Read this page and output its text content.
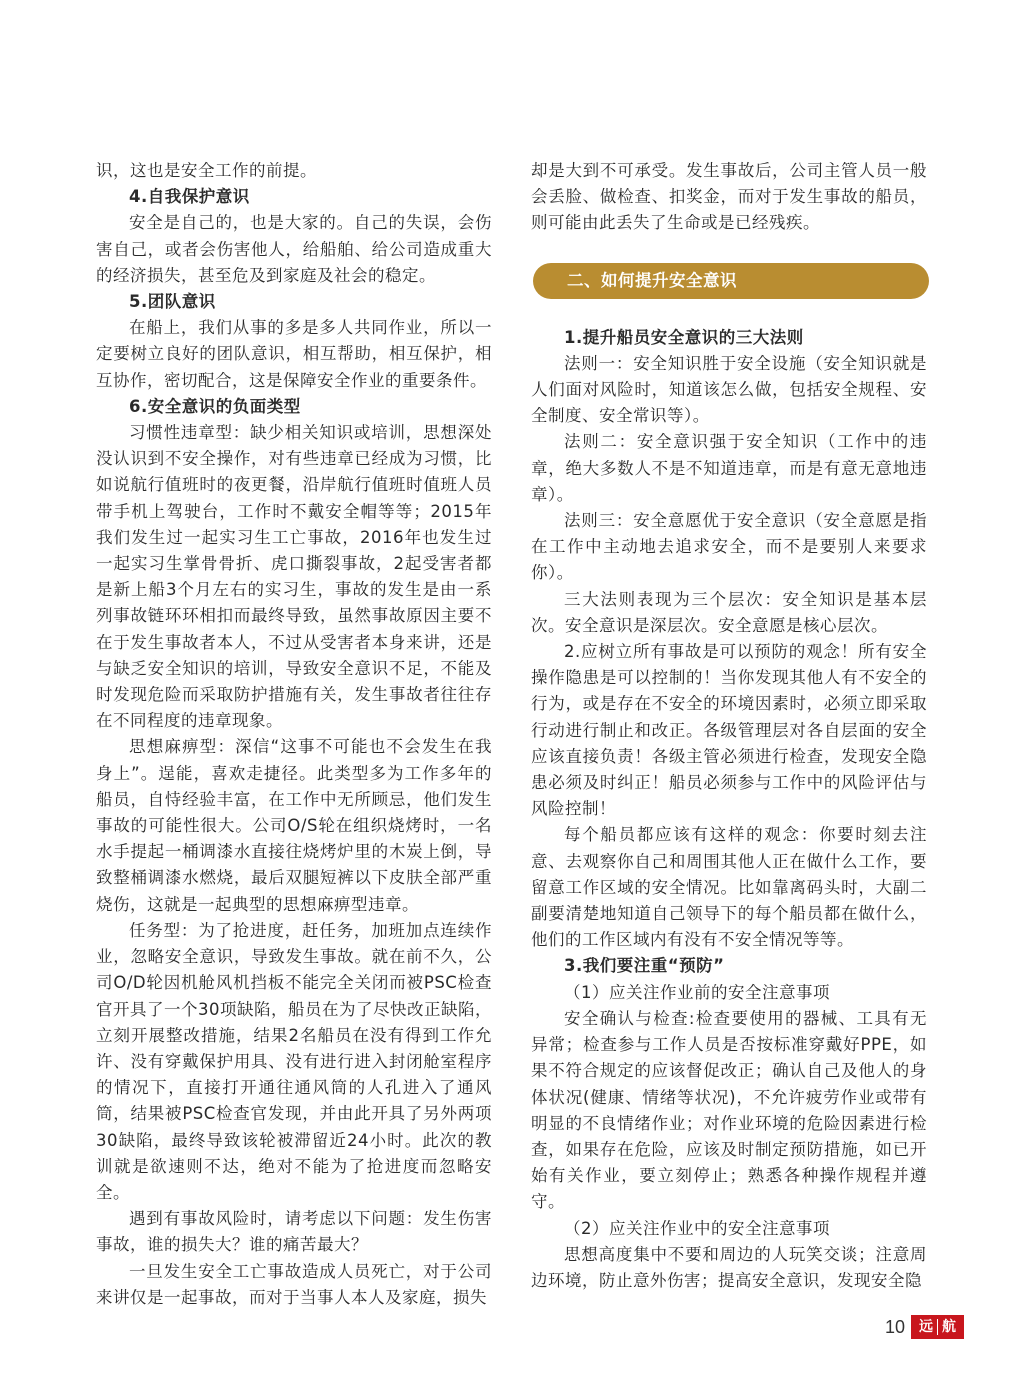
识，这也是安全工作的前提。

4.自我保护意识

安全是自己的，也是大家的。自己的失误，会伤害自己，或者会伤害他人，给船舶、给公司造成重大的经济损失，甚至危及到家庭及社会的稳定。

5.团队意识

在船上，我们从事的多是多人共同作业，所以一定要树立良好的团队意识，相互帮助，相互保护，相互协作，密切配合，这是保障安全作业的重要条件。

6.安全意识的负面类型

习惯性违章型：缺少相关知识或培训，思想深处没认识到不安全操作，对有些违章已经成为习惯，比如说航行值班时的夜更餐，沿岸航行值班时值班人员带手机上驾驶台，工作时不戴安全帽等等；2015年我们发生过一起实习生工亡事故，2016年也发生过一起实习生掌骨骨折、虎口撕裂事故，2起受害者都是新上船3个月左右的实习生，事故的发生是由一系列事故链环环相扣而最终导致，虽然事故原因主要不在于发生事故者本人，不过从受害者本身来讲，还是与缺乏安全知识的培训，导致安全意识不足，不能及时发现危险而采取防护措施有关，发生事故者往往存在不同程度的违章现象。

思想麻痹型：深信“这事不可能也不会发生在我身上”。逞能，喜欢走捷径。此类型多为工作多年的船员，自恃经验丰富，在工作中无所顾忌，他们发生事故的可能性很大。公司O/S轮在组织烧烤时，一名水手提起一桶调漆水直接往烧烤炉里的木炭上倒，导致整桶调漆水燃烧，最后双腿短裤以下皮肤全部严重烧伤，这就是一起典型的思想麻痹型违章。

任务型：为了抢进度，赶任务，加班加点连续作业，忽略安全意识，导致发生事故。就在前不久，公司O/D轮因机舱风机挡板不能完全关闭而被PSC检查官开具了一个30项缺陷，船员在为了尽快改正缺陷，立刻开展整改措施，结果2名船员在没有得到工作允许、没有穿戴保护用具、没有进行进入封闭舱室程序的情况下，直接打开通往通风筒的人孔进入了通风筒，结果被PSC检查官发现，并由此开具了另外两项30缺陷，最终导致该轮被滞留近24小时。此次的教训就是欲速则不达，绝对不能为了抢进度而忽略安全。

遇到有事故风险时，请考虑以下问题：发生伤害事故，谁的损失大？谁的痛苦最大？

一旦发生安全工亡事故造成人员死亡，对于公司来讲仅是一起事故，而对于当事人本人及家庭，损失

却是大到不可承受。发生事故后，公司主管人员一般会丢脸、做检查、扣奖金，而对于发生事故的船员，则可能由此丢失了生命或是已经残疾。

二、如何提升安全意识

1.提升船员安全意识的三大法则

法则一：安全知识胜于安全设施（安全知识就是人们面对风险时，知道该怎么做，包括安全规程、安全制度、安全常识等）。

法则二：安全意识强于安全知识（工作中的违章，绝大多数人不是不知道违章，而是有意无意地违章）。

法则三：安全意愿优于安全意识（安全意愿是指在工作中主动地去追求安全，而不是要别人来要求你）。

三大法则表现为三个层次：安全知识是基本层次。安全意识是深层次。安全意愿是核心层次。

2.应树立所有事故是可以预防的观念！所有安全操作隐患是可以控制的！当你发现其他人有不安全的行为，或是存在不安全的环境因素时，必须立即采取行动进行制止和改正。各级管理层对各自层面的安全应该直接负责！各级主管必须进行检查，发现安全隐患必须及时纠正！船员必须参与工作中的风险评估与风险控制！

每个船员都应该有这样的观念：你要时刻去注意、去观察你自己和周围其他人正在做什么工作，要留意工作区域的安全情况。比如靠离码头时，大副二副要清楚地知道自己领导下的每个船员都在做什么，他们的工作区域内有没有不安全情况等等。

3.我们要注重“预防”

（1）应关注作业前的安全注意事项

安全确认与检查:检查要使用的器械、工具有无异常；检查参与工作人员是否按标准穿戴好PPE，如果不符合规定的应该督促改正；确认自己及他人的身体状况(健康、情绪等状况)，不允许疲劳作业或带有明显的不良情绪作业；对作业环境的危险因素进行检查，如果存在危险，应该及时制定预防措施，如已开始有关作业，要立刻停止；熟悉各种操作规程并遵守。

（2）应关注作业中的安全注意事项

思想高度集中不要和周边的人玩笑交谈；注意周边环境，防止意外伤害；提高安全意识，发现安全隐

10 远 航
